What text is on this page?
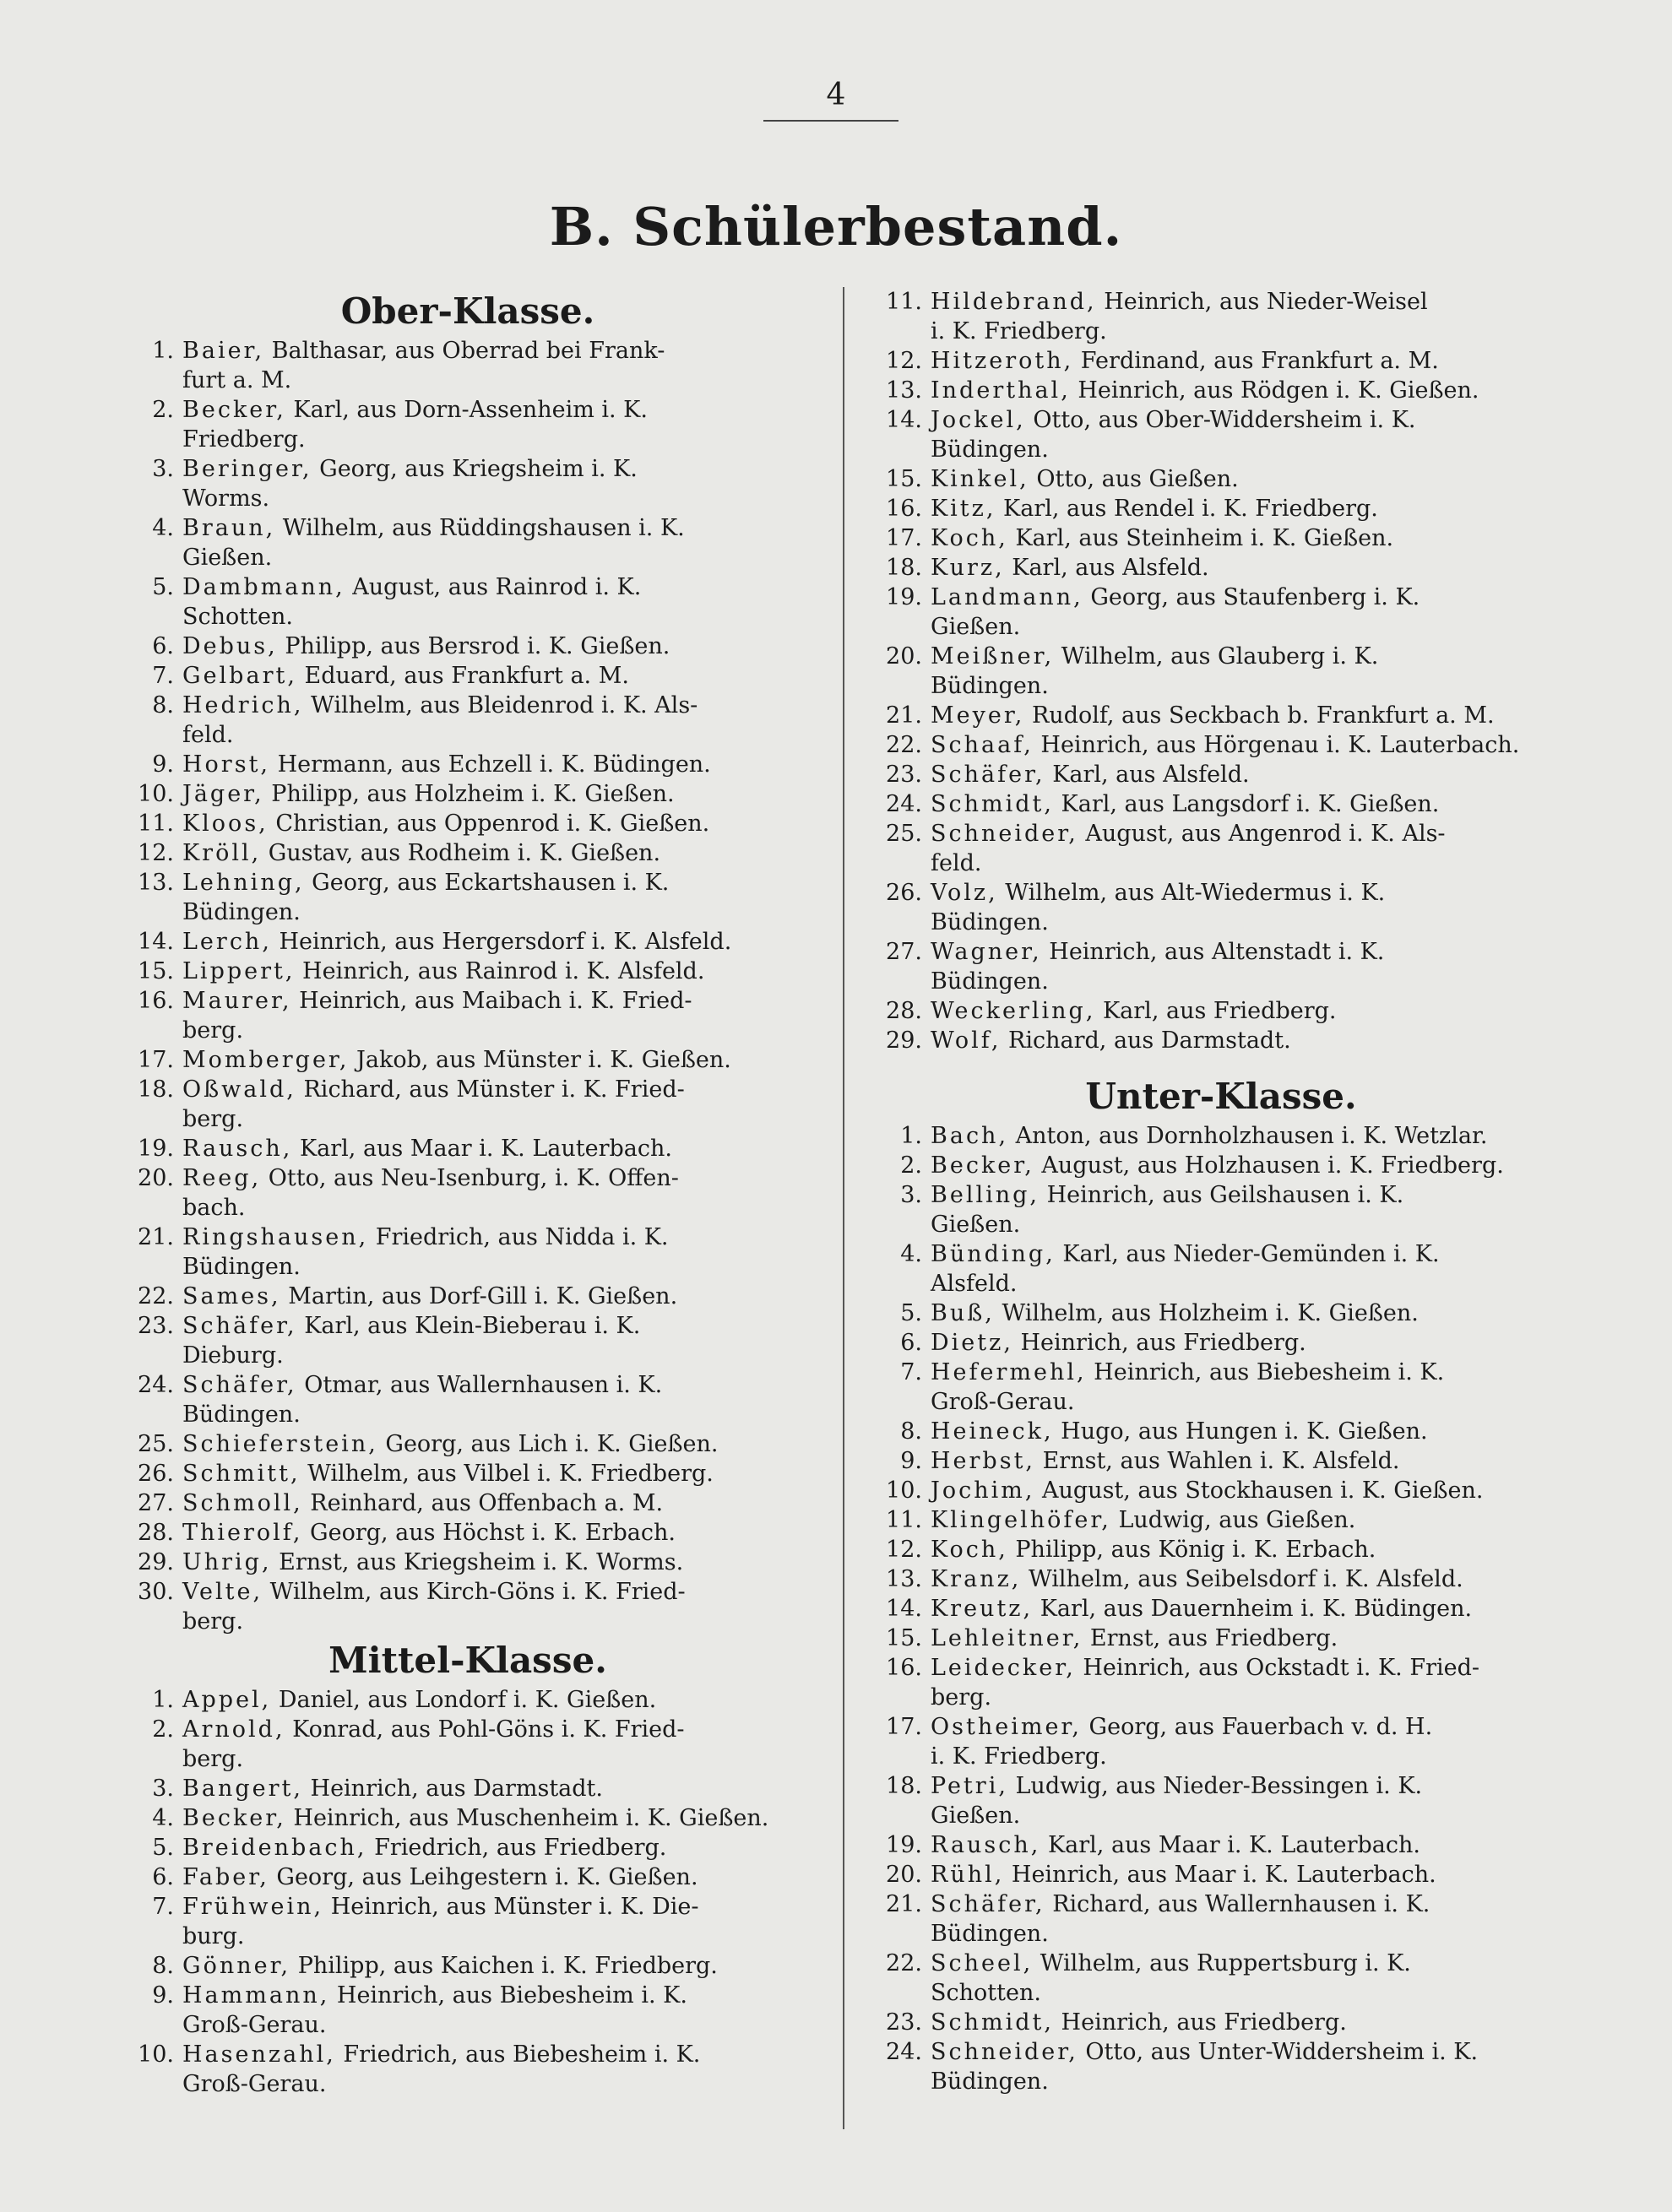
4
B. Schülerbestand.
Ober-Klasse.
1. Baier, Balthasar, aus Oberrad bei Frank-
furt a. M.
2. Becker, Karl, aus Dorn-Assenheim i. K.
Friedberg.
3. Beringer, Georg, aus Kriegsheim i. K.
Worms.
4. Braun, Wilhelm, aus Rüddingshausen i. K.
Gießen.
5. Dambmann, August, aus Rainrod i. K.
Schotten.
6. Debus, Philipp, aus Bersrod i. K. Gießen.
7. Gelbart, Eduard, aus Frankfurt a. M.
8. Hedrich, Wilhelm, aus Bleidenrod i. K. Als-
feld.
9. Horst, Hermann, aus Echzell i. K. Büdingen.
10. Jäger, Philipp, aus Holzheim i. K. Gießen.
11. Kloos, Christian, aus Oppenrod i. K. Gießen.
12. Kröll, Gustav, aus Rodheim i. K. Gießen.
13. Lehning, Georg, aus Eckartshausen i. K.
Büdingen.
14. Lerch, Heinrich, aus Hergersdorf i. K. Alsfeld.
15. Lippert, Heinrich, aus Rainrod i. K. Alsfeld.
16. Maurer, Heinrich, aus Maibach i. K. Fried-
berg.
17. Momberger, Jakob, aus Münster i. K. Gießen.
18. Oßwald, Richard, aus Münster i. K. Fried-
berg.
19. Rausch, Karl, aus Maar i. K. Lauterbach.
20. Reeg, Otto, aus Neu-Isenburg, i. K. Offen-
bach.
21. Ringshausen, Friedrich, aus Nidda i. K.
Büdingen.
22. Sames, Martin, aus Dorf-Gill i. K. Gießen.
23. Schäfer, Karl, aus Klein-Bieberau i. K.
Dieburg.
24. Schäfer, Otmar, aus Wallernhausen i. K.
Büdingen.
25. Schieferstein, Georg, aus Lich i. K. Gießen.
26. Schmitt, Wilhelm, aus Vilbel i. K. Friedberg.
27. Schmoll, Reinhard, aus Offenbach a. M.
28. Thierolf, Georg, aus Höchst i. K. Erbach.
29. Uhrig, Ernst, aus Kriegsheim i. K. Worms.
30. Velte, Wilhelm, aus Kirch-Göns i. K. Fried-
berg.
Mittel-Klasse.
1. Appel, Daniel, aus Londorf i. K. Gießen.
2. Arnold, Konrad, aus Pohl-Göns i. K. Fried-
berg.
3. Bangert, Heinrich, aus Darmstadt.
4. Becker, Heinrich, aus Muschenheim i. K. Gießen.
5. Breidenbach, Friedrich, aus Friedberg.
6. Faber, Georg, aus Leihgestern i. K. Gießen.
7. Frühwein, Heinrich, aus Münster i. K. Die-
burg.
8. Gönner, Philipp, aus Kaichen i. K. Friedberg.
9. Hammann, Heinrich, aus Biebesheim i. K.
Groß-Gerau.
10. Hasenzahl, Friedrich, aus Biebesheim i. K.
Groß-Gerau.
11. Hildebrand, Heinrich, aus Nieder-Weisel
i. K. Friedberg.
12. Hitzeroth, Ferdinand, aus Frankfurt a. M.
13. Inderthal, Heinrich, aus Rödgen i. K. Gießen.
14. Jockel, Otto, aus Ober-Widdersheim i. K.
Büdingen.
15. Kinkel, Otto, aus Gießen.
16. Kitz, Karl, aus Rendel i. K. Friedberg.
17. Koch, Karl, aus Steinheim i. K. Gießen.
18. Kurz, Karl, aus Alsfeld.
19. Landmann, Georg, aus Staufenberg i. K.
Gießen.
20. Meißner, Wilhelm, aus Glauberg i. K.
Büdingen.
21. Meyer, Rudolf, aus Seckbach b. Frankfurt a. M.
22. Schaaf, Heinrich, aus Hörgenau i. K. Lauterbach.
23. Schäfer, Karl, aus Alsfeld.
24. Schmidt, Karl, aus Langsdorf i. K. Gießen.
25. Schneider, August, aus Angenrod i. K. Als-
feld.
26. Volz, Wilhelm, aus Alt-Wiedermus i. K.
Büdingen.
27. Wagner, Heinrich, aus Altenstadt i. K.
Büdingen.
28. Weckerling, Karl, aus Friedberg.
29. Wolf, Richard, aus Darmstadt.
Unter-Klasse.
1. Bach, Anton, aus Dornholzhausen i. K. Wetzlar.
2. Becker, August, aus Holzhausen i. K. Friedberg.
3. Belling, Heinrich, aus Geilshausen i. K.
Gießen.
4. Bünding, Karl, aus Nieder-Gemünden i. K.
Alsfeld.
5. Buß, Wilhelm, aus Holzheim i. K. Gießen.
6. Dietz, Heinrich, aus Friedberg.
7. Hefermehl, Heinrich, aus Biebesheim i. K.
Groß-Gerau.
8. Heineck, Hugo, aus Hungen i. K. Gießen.
9. Herbst, Ernst, aus Wahlen i. K. Alsfeld.
10. Jochim, August, aus Stockhausen i. K. Gießen.
11. Klingelhöfer, Ludwig, aus Gießen.
12. Koch, Philipp, aus König i. K. Erbach.
13. Kranz, Wilhelm, aus Seibelsdorf i. K. Alsfeld.
14. Kreutz, Karl, aus Dauernheim i. K. Büdingen.
15. Lehleitner, Ernst, aus Friedberg.
16. Leidecker, Heinrich, aus Ockstadt i. K. Fried-
berg.
17. Ostheimer, Georg, aus Fauerbach v. d. H.
i. K. Friedberg.
18. Petri, Ludwig, aus Nieder-Bessingen i. K.
Gießen.
19. Rausch, Karl, aus Maar i. K. Lauterbach.
20. Rühl, Heinrich, aus Maar i. K. Lauterbach.
21. Schäfer, Richard, aus Wallernhausen i. K.
Büdingen.
22. Scheel, Wilhelm, aus Ruppertsburg i. K.
Schotten.
23. Schmidt, Heinrich, aus Friedberg.
24. Schneider, Otto, aus Unter-Widdersheim i. K.
Büdingen.
